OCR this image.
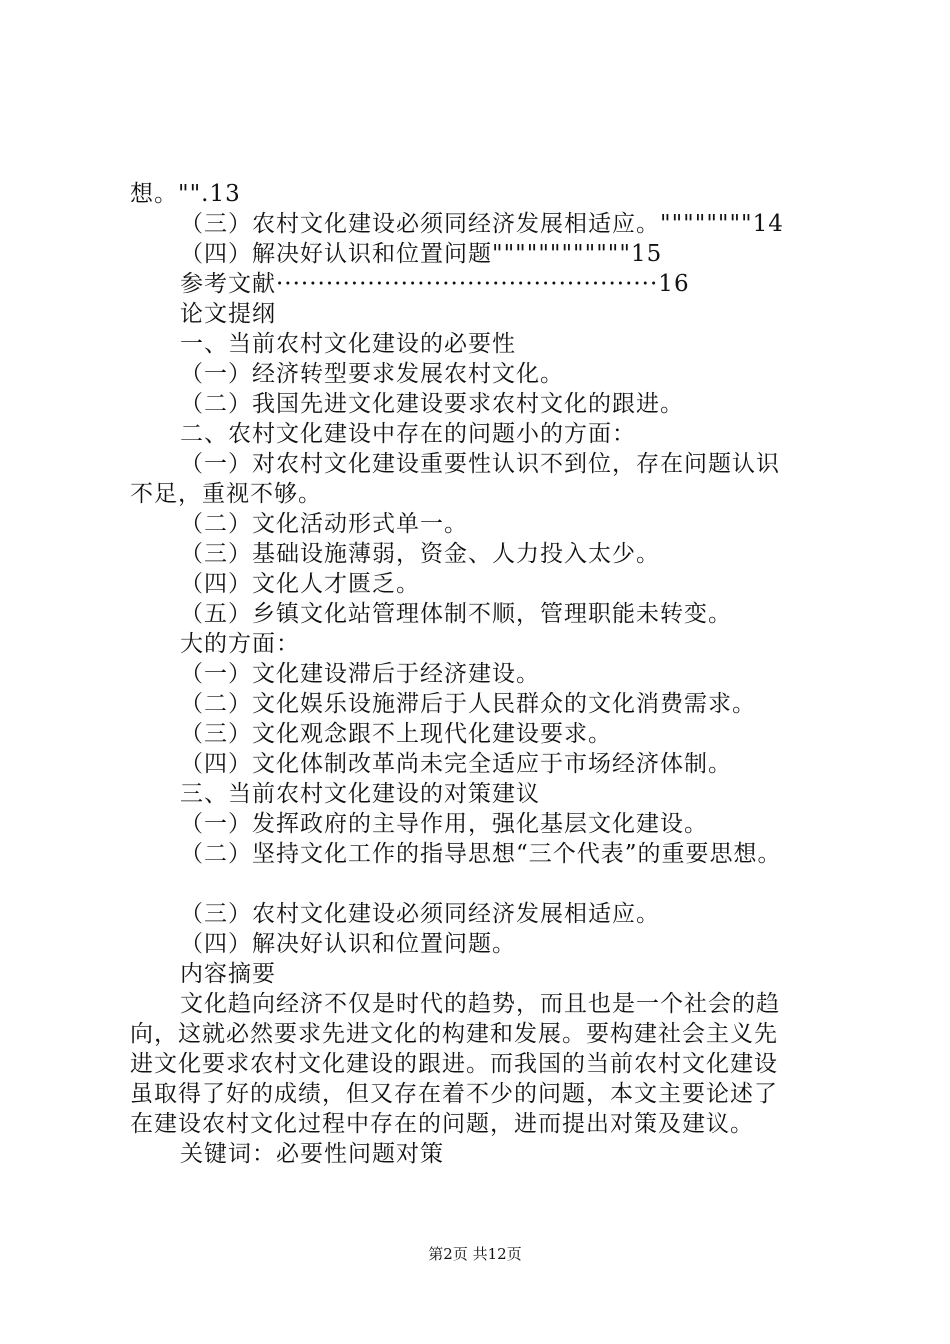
想。"".13
（三）农村文化建设必须同经济发展相适应。""""""""14
（四）解决好认识和位置问题""""""""""""15
参考文献··············································16
论文提纲
一、当前农村文化建设的必要性
（一）经济转型要求发展农村文化。
（二）我国先进文化建设要求农村文化的跟进。
二、农村文化建设中存在的问题小的方面：
（一）对农村文化建设重要性认识不到位，存在问题认识
不足，重视不够。
（二）文化活动形式单一。
（三）基础设施薄弱，资金、人力投入太少。
（四）文化人才匮乏。
（五）乡镇文化站管理体制不顺，管理职能未转变。
大的方面：
（一）文化建设滞后于经济建设。
（二）文化娱乐设施滞后于人民群众的文化消费需求。
（三）文化观念跟不上现代化建设要求。
（四）文化体制改革尚未完全适应于市场经济体制。
三、当前农村文化建设的对策建议
（一）发挥政府的主导作用，强化基层文化建设。
（二）坚持文化工作的指导思想“三个代表”的重要思想。
（三）农村文化建设必须同经济发展相适应。
（四）解决好认识和位置问题。
内容摘要
文化趋向经济不仅是时代的趋势，而且也是一个社会的趋
向，这就必然要求先进文化的构建和发展。要构建社会主义先
进文化要求农村文化建设的跟进。而我国的当前农村文化建设
虽取得了好的成绩，但又存在着不少的问题，本文主要论述了
在建设农村文化过程中存在的问题，进而提出对策及建议。
关键词：必要性问题对策
第2页 共12页
